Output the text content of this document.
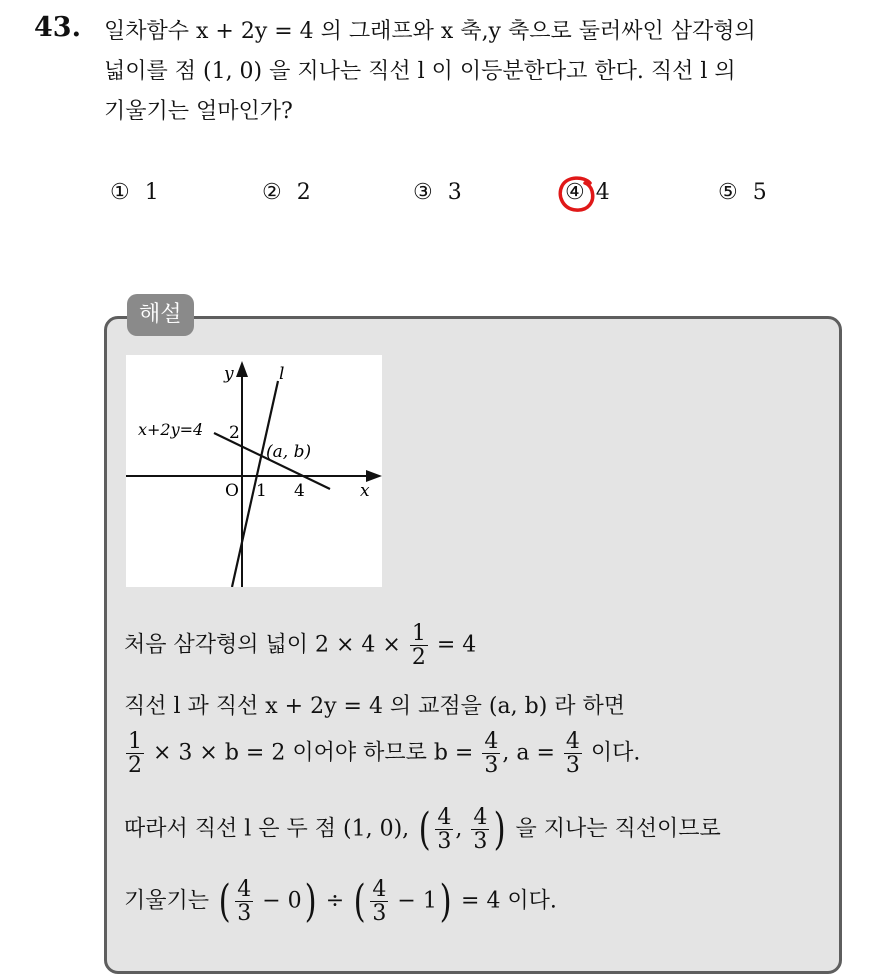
43. 일차함수 x + 2y = 4 의 그래프와 x 축,y 축으로 둘러싸인 삼각형의
넓이를 점 (1, 0) 을 지나는 직선 l 이 이등분한다고 한다. 직선 l 의
기울기는 얼마인가?
① 1	② 2	③ 3	④ 4	⑤ 5
해설
y	l
x+2y=4 2
(a, b)
O 1 4	x
처음 삼각형의 넓이 $2 \times 4 \times \frac{1}{2} = 4$
직선 l 과 직선 x + 2y = 4 의 교점을 (a, b) 라 하면
$\frac{1}{2} \times 3 \times b = 2$ 이어야 하므로 $b = \frac{4}{3}$ , $a = \frac{4}{3}$ 이다.
따라서 직선 l 은 두 점 (1, 0), ( $\frac{4}{3}$ , $\frac{4}{3}$ ) 을 지나는 직선이므로
기울기는 ( $\frac{4}{3} - 0$) ÷ ( $\frac{4}{3} - 1) = 4$ 이다.
